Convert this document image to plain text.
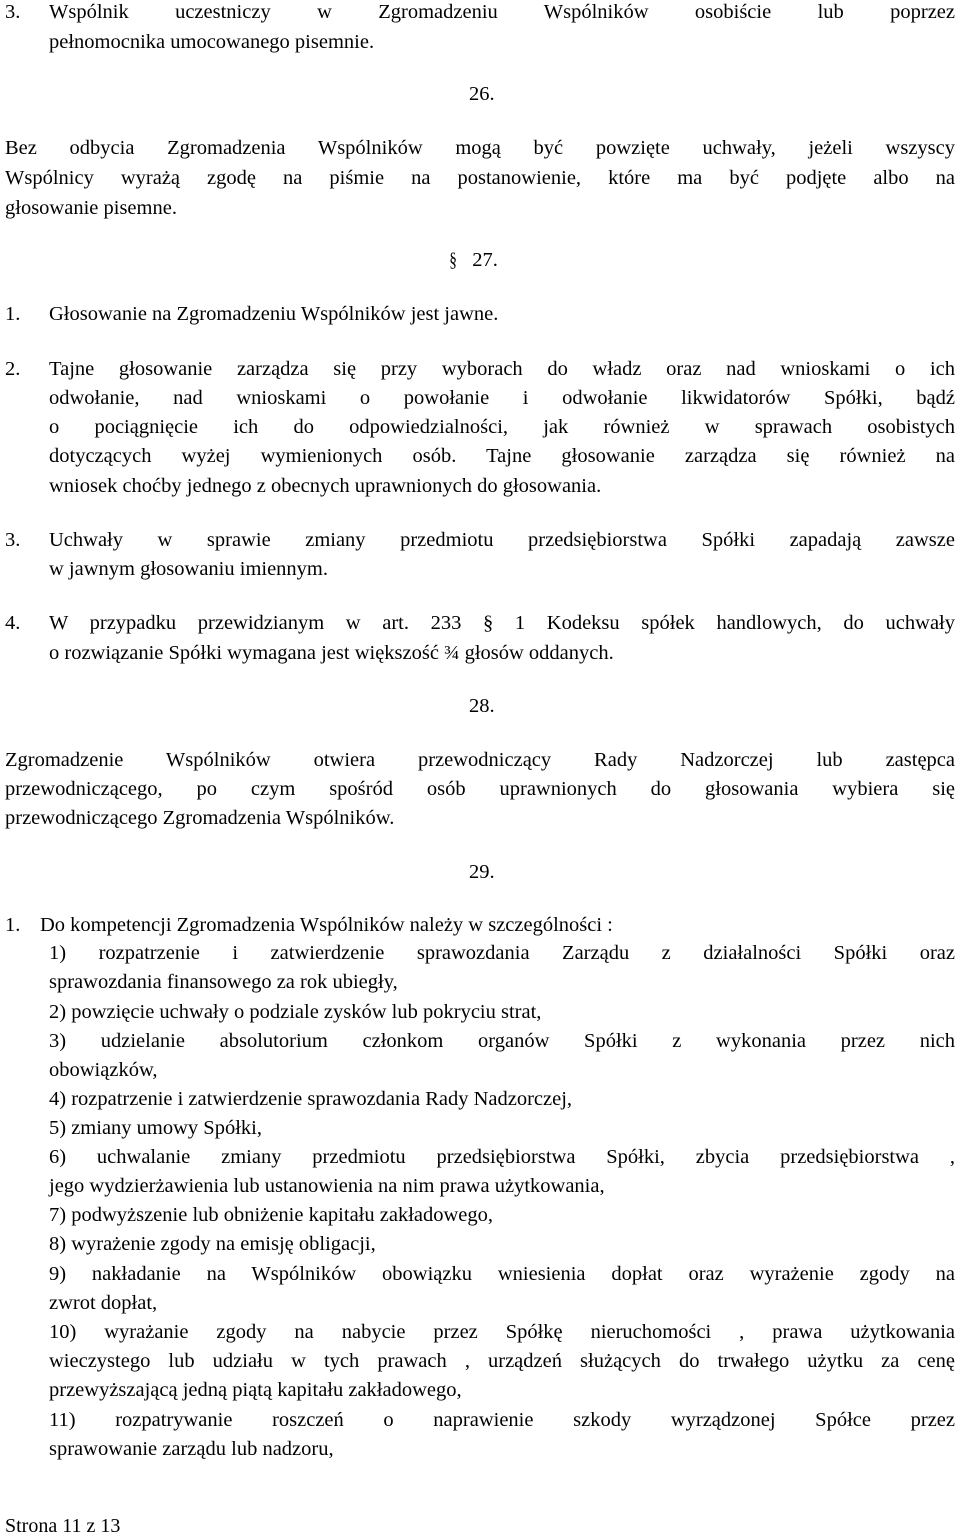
3. Wspólnik uczestniczy w Zgromadzeniu Wspólników osobiście lub poprzez

pełnomocnika umocowanego pisemnie.

26.

Bez odbycia Zgromadzenia Wspólników mogą być powzięte uchwały, jeżeli wszyscy

Wspólnicy wyrażą zgodę na piśmie na postanowienie, które ma być podjęte albo na

głosowanie pisemne.

§ 27.

1. Głosowanie na Zgromadzeniu Wspólników jest jawne.

2. Tajne głosowanie zarządza się przy wyborach do władz oraz nad wnioskami o ich

odwołanie, nad wnioskami o powołanie i odwołanie likwidatorów Spółki, bądź

o pociągnięcie ich do odpowiedzialności, jak również w sprawach osobistych

dotyczących wyżej wymienionych osób. Tajne głosowanie zarządza się również na

wniosek choćby jednego z obecnych uprawnionych do głosowania.

3. Uchwały w sprawie zmiany przedmiotu przedsiębiorstwa Spółki zapadają zawsze

w jawnym głosowaniu imiennym.

4. W przypadku przewidzianym w art. 233 § 1 Kodeksu spółek handlowych, do uchwały

o rozwiązanie Spółki wymagana jest większość ¾ głosów oddanych.

28.

Zgromadzenie Wspólników otwiera przewodniczący Rady Nadzorczej lub zastępca

przewodniczącego, po czym spośród osób uprawnionych do głosowania wybiera się

przewodniczącego Zgromadzenia Wspólników.

29.

1. Do kompetencji Zgromadzenia Wspólników należy w szczególności :

1) rozpatrzenie i zatwierdzenie sprawozdania Zarządu z działalności Spółki oraz

sprawozdania finansowego za rok ubiegły,

2) powzięcie uchwały o podziale zysków lub pokryciu strat,

3) udzielanie absolutorium członkom organów Spółki z wykonania przez nich

obowiązków,

4) rozpatrzenie i zatwierdzenie sprawozdania Rady Nadzorczej,

5) zmiany umowy Spółki,

6) uchwalanie zmiany przedmiotu przedsiębiorstwa Spółki, zbycia przedsiębiorstwa ,

jego wydzierżawienia lub ustanowienia na nim prawa użytkowania,

7) podwyższenie lub obniżenie kapitału zakładowego,

8) wyrażenie zgody na emisję obligacji,

9) nakładanie na Wspólników obowiązku wniesienia dopłat oraz wyrażenie zgody na

zwrot dopłat,

10) wyrażanie zgody na nabycie przez Spółkę nieruchomości , prawa użytkowania

wieczystego lub udziału w tych prawach , urządzeń służących do trwałego użytku za cenę

przewyższającą jedną piątą kapitału zakładowego,

11) rozpatrywanie roszczeń o naprawienie szkody wyrządzonej Spółce przez

sprawowanie zarządu lub nadzoru,

Strona 11 z 13
